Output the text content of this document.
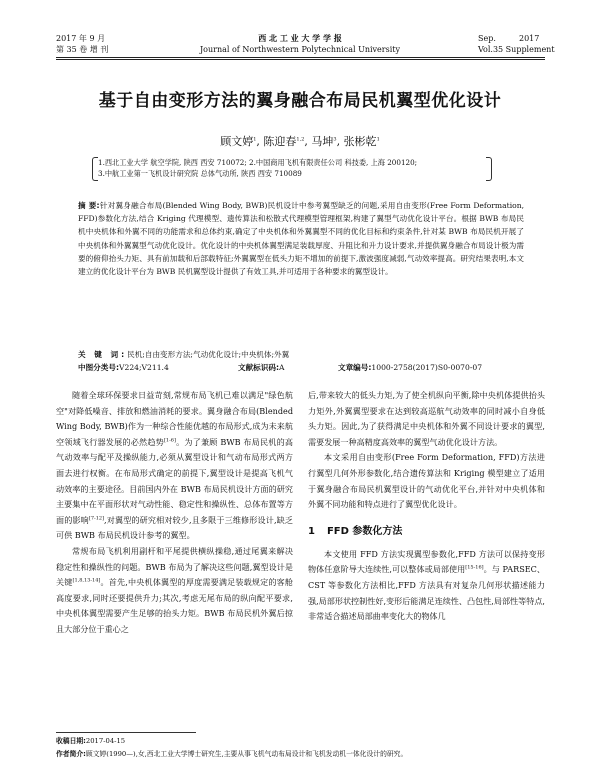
2017 年 9 月
第 35 卷 增 刊
西 北 工 业 大 学 学 报
Journal of Northwestern Polytechnical University
Sep.	2017
Vol.35 Supplement
基于自由变形方法的翼身融合布局民机翼型优化设计
顾文婷$^1$, 陈迎春$^{1,2}$, 马坤$^3$, 张彬乾$^1$
1.西北工业大学 航空学院, 陕西 西安 710072; 2.中国商用飞机有限责任公司 科技委, 上海 200120;
3.中航工业第一飞机设计研究院 总体气动所, 陕西 西安 710089
摘 要:针对翼身融合布局(Blended Wing Body, BWB)民机设计中参考翼型缺乏的问题,采用自由变形(Free Form Deformation, FFD)参数化方法,结合 Kriging 代理模型、遗传算法和松散式代理模型管理框架,构建了翼型气动优化设计平台。根据 BWB 布局民机中央机体和外翼不同的功能需求和总体约束,确定了中央机体和外翼翼型不同的优化目标和约束条件,针对某 BWB 布局民机开展了中央机体和外翼翼型气动优化设计。优化设计的中央机体翼型满足装载厚度、升阻比和升力设计要求,并提供翼身融合布局设计极为需要的俯仰抬头力矩、具有前加载和后部载特征;外翼翼型在低头力矩不增加的前提下,激波强度减弱,气动效率提高。研究结果表明,本文建立的优化设计平台为 BWB 民机翼型设计提供了有效工具,并可适用于各种要求的翼型设计。
关 键 词:民机;自由变形方法;气动优化设计;中央机体;外翼
中图分类号:V224;V211.4	文献标识码:A	文章编号:1000-2758(2017)S0-0070-07

随着全球环保要求日益苛刻,常规布局飞机已难以满足"绿色航空"对降低噪音、排放和燃油消耗的要求。翼身融合布局(Blended Wing Body, BWB)作为一种综合性能优越的布局形式,成为未来航空领域飞行器发展的必然趋势[1-6]。为了兼顾 BWB 布局民机的高气动效率与配平及操纵能力,必须从翼型设计和气动布局形式两方面去进行权衡。在布局形式确定的前提下,翼型设计是提高飞机气动效率的主要途径。目前国内外在 BWB 布局民机设计方面的研究主要集中在平面形状对气动性能、稳定性和操纵性、总体布置等方面的影响[7-12],对翼型的研究相对较少,且多限于三维修形设计,缺乏可供 BWB 布局民机设计参考的翼型。

常规布局飞机利用副杆和平尾提供横纵操稳,通过尾翼来解决稳定性和操纵性的问题。BWB 布局为了解决这些问题,翼型设计是关键[1,8,13-14]。首先,中央机体翼型的厚度需要满足装载规定的客舱高度要求,同时还要提供升力;其次,考虑无尾布局的纵向配平要求,中央机体翼型需要产生足够的抬头力矩。BWB 布局民机外翼后掠且大部分位于重心之

后,带来较大的低头力矩,为了使全机纵向平衡,除中央机体提供抬头力矩外,外翼翼型要求在达到较高巡航气动效率的同时减小自身低头力矩。因此,为了获得满足中央机体和外翼不同设计要求的翼型,需要发展一种高精度高效率的翼型气动优化设计方法。

本文采用自由变形(Free Form Deformation, FFD)方法进行翼型几何外形参数化,结合遗传算法和 Kriging 模型建立了适用于翼身融合布局民机翼型设计的气动优化平台,并针对中央机体和外翼不同功能和特点进行了翼型优化设计。

1 FFD 参数化方法

本文使用 FFD 方法实现翼型参数化,FFD 方法可以保持变形物体任意阶导大连续性,可以整体或局部使用[15-16]。与 PARSEC、CST 等参数化方法相比,FFD 方法具有对复杂几何形状描述能力强,局部形状控制性好,变形后能满足连续性、凸包性,局部性等特点,非常适合描述局部曲率变化大的物体几

收稿日期:2017-04-15
作者简介:顾文婷(1990—),女,西北工业大学博士研究生,主要从事飞机气动布局设计和飞机发动机一体化设计的研究。
